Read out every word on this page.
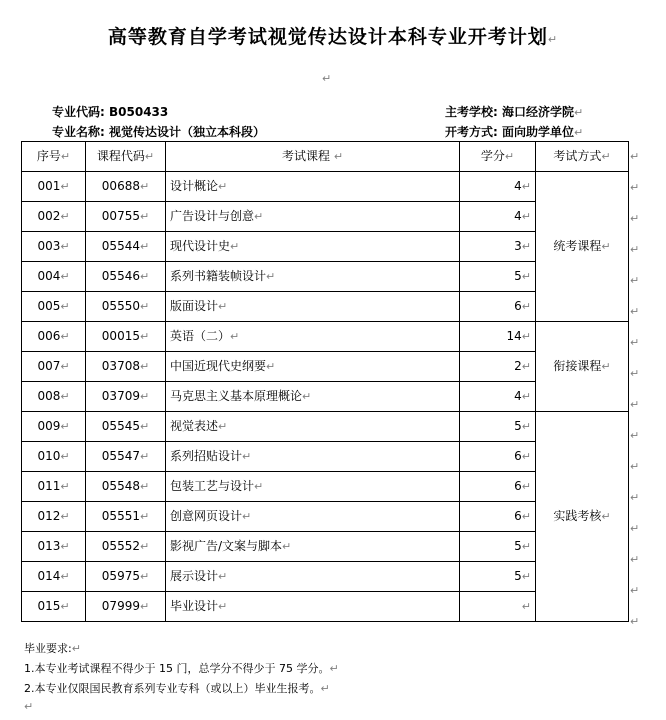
高等教育自学考试视觉传达设计本科专业开考计划↵
↵
专业代码: B050433	主考学校: 海口经济学院↵
专业名称: 视觉传达设计（独立本科段）	开考方式: 面向助学单位↵
序号↵	课程代码↵	考试课程 ↵	学分↵	考试方式↵
001↵	00688↵	设计概论↵	4↵	统考课程↵
002↵	00755↵	广告设计与创意↵	4↵	
003↵	05544↵	现代设计史↵	3↵	
004↵	05546↵	系列书籍装帧设计↵	5↵	
005↵	05550↵	版面设计↵	6↵	
006↵	00015↵	英语（二）↵	14↵	衔接课程↵
007↵	03708↵	中国近现代史纲要↵	2↵	
008↵	03709↵	马克思主义基本原理概论↵	4↵	
009↵	05545↵	视觉表述↵	5↵	实践考核↵
010↵	05547↵	系列招贴设计↵	6↵	
011↵	05548↵	包装工艺与设计↵	6↵	
012↵	05551↵	创意网页设计↵	6↵	
013↵	05552↵	影视广告/文案与脚本↵	5↵	
014↵	05975↵	展示设计↵	5↵	
015↵	07999↵	毕业设计↵	↵	
↵
↵
↵
↵
↵
↵
↵
↵
↵
↵
↵
↵
↵
↵
↵
↵
毕业要求:↵
1.本专业考试课程不得少于 15 门，总学分不得少于 75 学分。↵
2.本专业仅限国民教育系列专业专科（或以上）毕业生报考。↵
↵
